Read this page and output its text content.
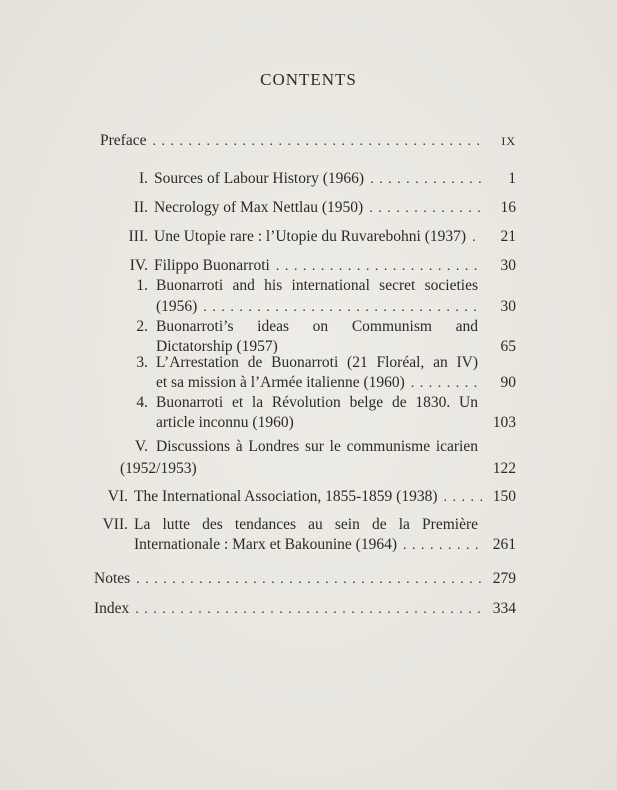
CONTENTS
Preface . . .	IX
I. Sources of Labour History (1966) . . .	1
II. Necrology of Max Nettlau (1950) . . .	16
III. Une Utopie rare : l’Utopie du Ruvarebohni (1937) . . .	21
IV. Filippo Buonarroti . . .	30
1. Buonarroti and his international secret societies
(1956) . . .	30
2. Buonarroti’s ideas on Communism and
Dictatorship (1957)	65
3. L’Arrestation de Buonarroti (21 Floréal, an IV)
et sa mission à l’Armée italienne (1960) . . .	90
4. Buonarroti et la Révolution belge de 1830. Un
article inconnu (1960)	103
V. Discussions à Londres sur le communisme icarien
(1952/1953)	122
VI. The International Association, 1855-1859 (1938) . . .	150
VII. La lutte des tendances au sein de la Première
Internationale : Marx et Bakounine (1964) . . .	261
Notes . . .	279
Index . . .	334
